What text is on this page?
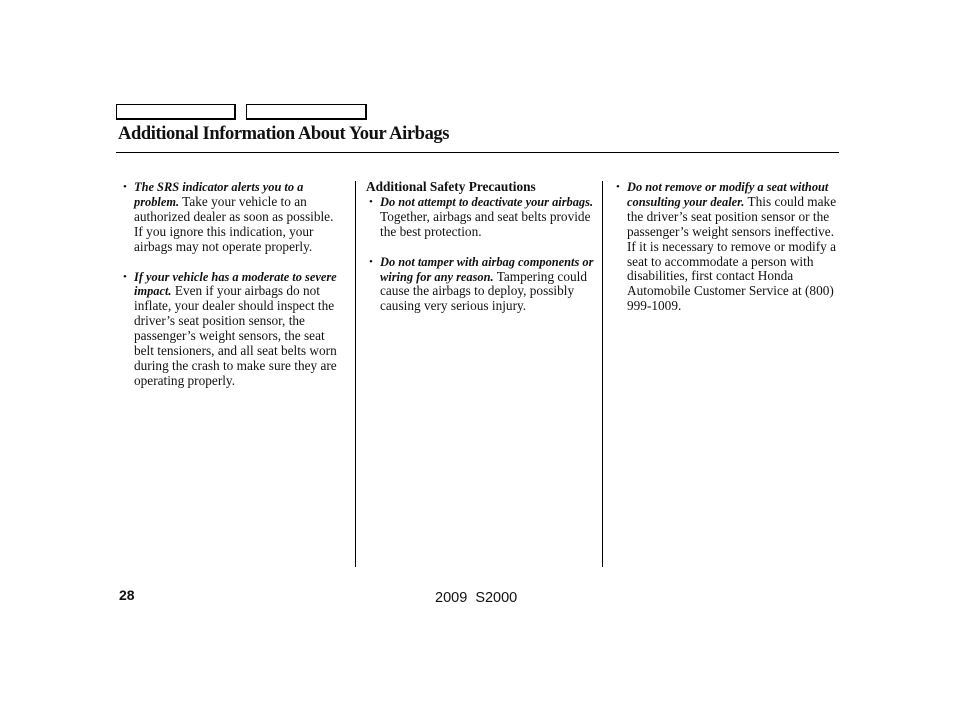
Additional Information About Your Airbags
• The SRS indicator alerts you to a problem. Take your vehicle to an authorized dealer as soon as possible. If you ignore this indication, your airbags may not operate properly.
• If your vehicle has a moderate to severe impact. Even if your airbags do not inflate, your dealer should inspect the driver’s seat position sensor, the passenger’s weight sensors, the seat belt tensioners, and all seat belts worn during the crash to make sure they are operating properly.
Additional Safety Precautions
• Do not attempt to deactivate your airbags. Together, airbags and seat belts provide the best protection.
• Do not tamper with airbag components or wiring for any reason. Tampering could cause the airbags to deploy, possibly causing very serious injury.
• Do not remove or modify a seat without consulting your dealer. This could make the driver’s seat position sensor or the passenger’s weight sensors ineffective. If it is necessary to remove or modify a seat to accommodate a person with disabilities, first contact Honda Automobile Customer Service at (800) 999-1009.
28	2009  S2000
